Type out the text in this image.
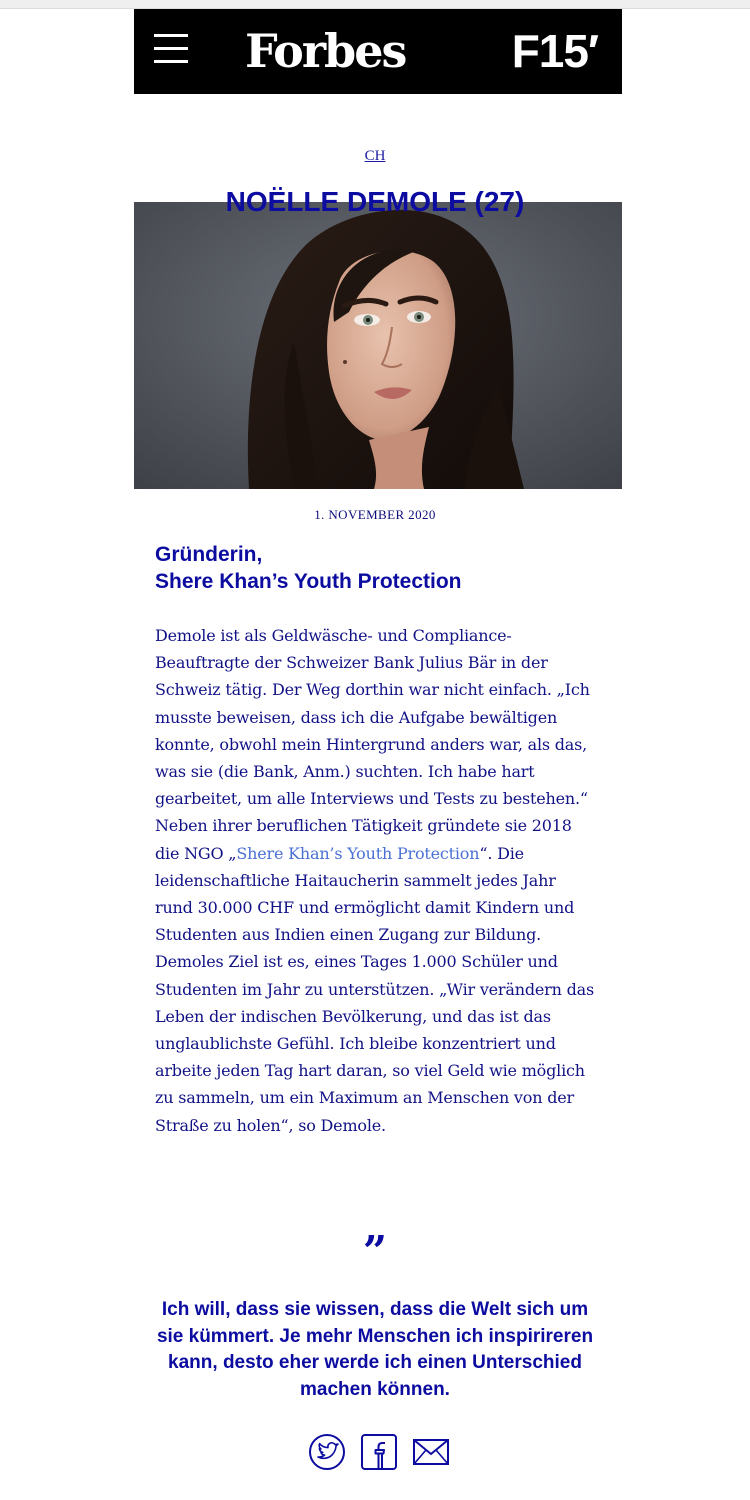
Forbes F15′
CH
NOËLLE DEMOLE (27)
1. NOVEMBER 2020
Gründerin,
Shere Khan’s Youth Protection

Demole ist als Geldwäsche- und Compliance-Beauftragte der Schweizer Bank Julius Bär in der Schweiz tätig. Der Weg dorthin war nicht einfach. „Ich musste beweisen, dass ich die Aufgabe bewältigen konnte, obwohl mein Hintergrund anders war, als das, was sie (die Bank, Anm.) suchten. Ich habe hart gearbeitet, um alle Interviews und Tests zu bestehen.“ Neben ihrer beruflichen Tätigkeit gründete sie 2018 die NGO „Shere Khan’s Youth Protection“. Die leidenschaftliche Haitaucherin sammelt jedes Jahr rund 30.000 CHF und ermöglicht damit Kindern und Studenten aus Indien einen Zugang zur Bildung. Demoles Ziel ist es, eines Tages 1.000 Schüler und Studenten im Jahr zu unterstützen. „Wir verändern das Leben der indischen Bevölkerung, und das ist das unglaublichste Gefühl. Ich bleibe konzentriert und arbeite jeden Tag hart daran, so viel Geld wie möglich zu sammeln, um ein Maximum an Menschen von der Straße zu holen“, so Demole.

”
Ich will, dass sie wissen, dass die Welt sich um sie kümmert. Je mehr Menschen ich inspirireren kann, desto eher werde ich einen Unterschied machen können.
